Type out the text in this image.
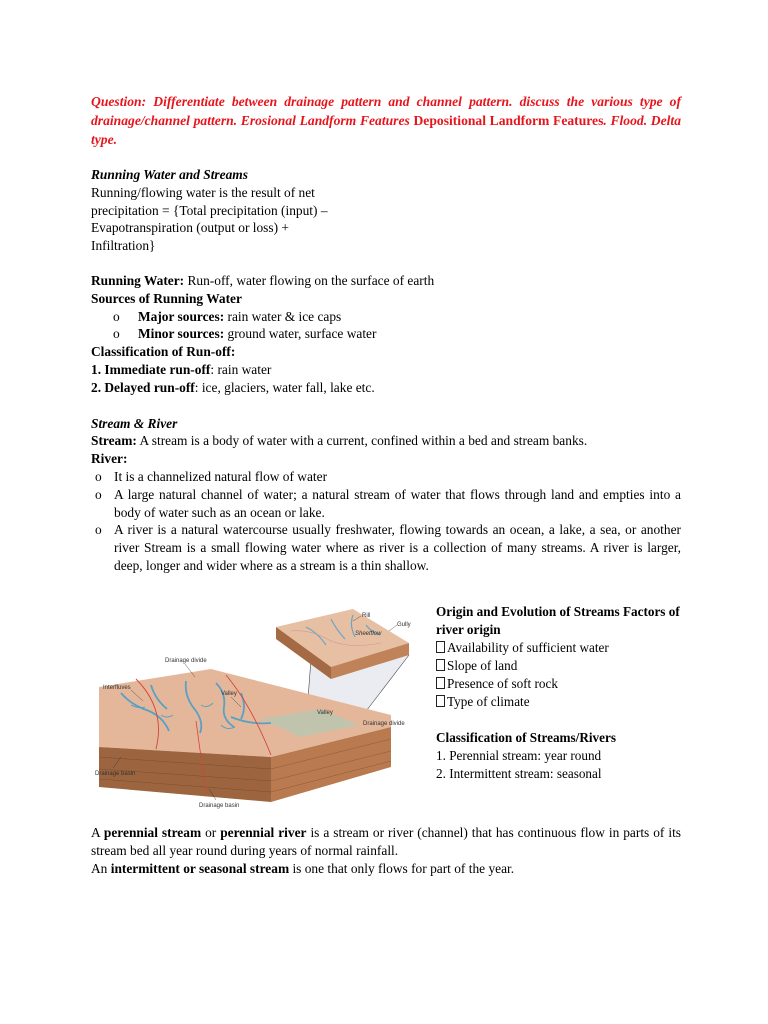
Question: Differentiate between drainage pattern and channel pattern. discuss the various type of drainage/channel pattern. Erosional Landform Features Depositional Landform Features. Flood. Delta type.

Running Water and Streams

Running/flowing water is the result of net

precipitation = {Total precipitation (input) –

Evapotranspiration (output or loss) +

Infiltration}

Running Water: Run-off, water flowing on the surface of earth

Sources of Running Water

o Major sources: rain water & ice caps
o Minor sources: ground water, surface water

Classification of Run-off:

1. Immediate run-off: rain water

2. Delayed run-off: ice, glaciers, water fall, lake etc.

Stream & River

Stream: A stream is a body of water with a current, confined within a bed and stream banks.

River:

o It is a channelized natural flow of water
o A large natural channel of water; a natural stream of water that flows through land and empties into a body of water such as an ocean or lake.
o A river is a natural watercourse usually freshwater, flowing towards an ocean, a lake, a sea, or another river Stream is a small flowing water where as river is a collection of many streams. A river is larger, deep, longer and wider where as a stream is a thin shallow.
Rill
Gully
Sheetflow
Drainage divide
Interfluves
Valley
Valley
Drainage divide
Drainage basin
Drainage basin

Origin and Evolution of Streams Factors of river origin

Availability of sufficient water

Slope of land

Presence of soft rock

Type of climate

Classification of Streams/Rivers

1. Perennial stream: year round

2. Intermittent stream: seasonal

A perennial stream or perennial river is a stream or river (channel) that has continuous flow in parts of its stream bed all year round during years of normal rainfall.

An intermittent or seasonal stream is one that only flows for part of the year.
